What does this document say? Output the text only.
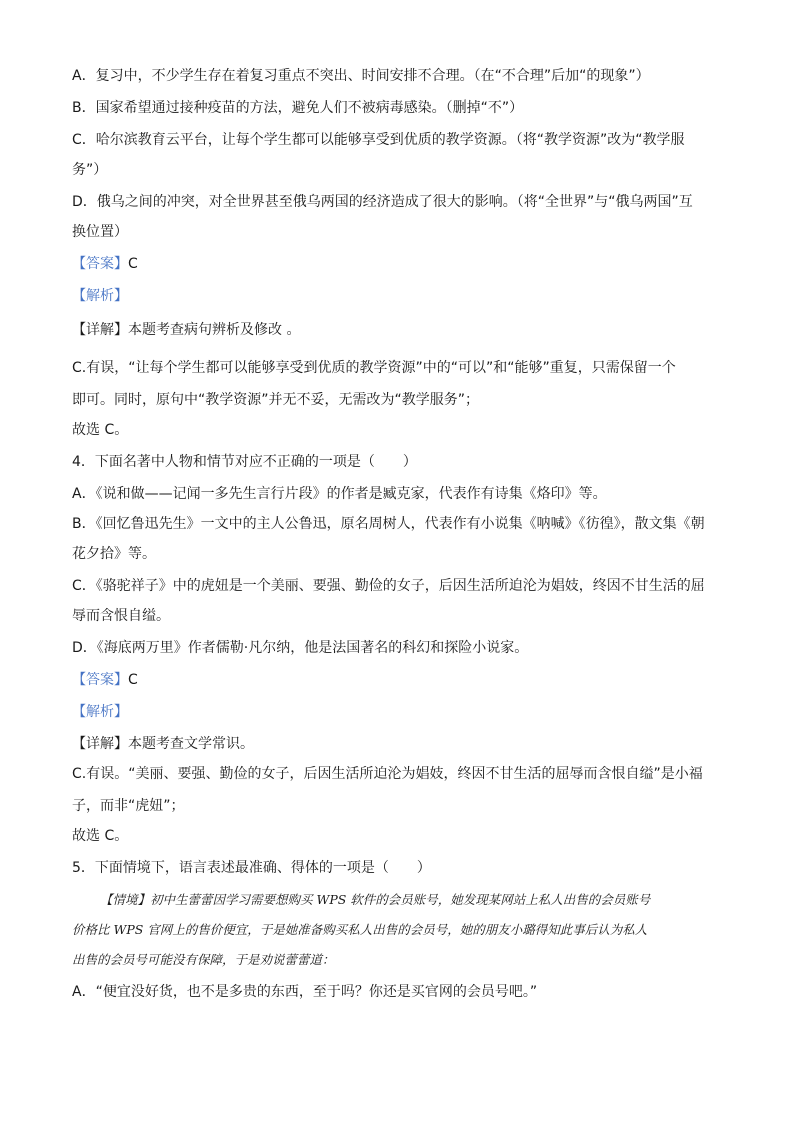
A．复习中，不少学生存在着复习重点不突出、时间安排不合理。（在“不合理”后加“的现象”）
B．国家希望通过接种疫苗的方法，避免人们不被病毒感染。（删掉“不”）
C．哈尔滨教育云平台，让每个学生都可以能够享受到优质的教学资源。（将“教学资源”改为“教学服
务”）
D．俄乌之间的冲突，对全世界甚至俄乌两国的经济造成了很大的影响。（将“全世界”与“俄乌两国”互
换位置）
【答案】C
【解析】
【详解】本题考查病句辨析及修改 。
C.有误，“让每个学生都可以能够享受到优质的教学资源”中的“可以”和“能够”重复，只需保留一个
即可。同时，原句中“教学资源”并无不妥，无需改为“教学服务”；
故选 C。
4．下面名著中人物和情节对应不正确的一项是（　　）
A．《说和做——记闻一多先生言行片段》的作者是臧克家，代表作有诗集《烙印》等。
B．《回忆鲁迅先生》一文中的主人公鲁迅，原名周树人，代表作有小说集《呐喊》《彷徨》，散文集《朝
花夕拾》等。
C．《骆驼祥子》中的虎妞是一个美丽、要强、勤俭的女子，后因生活所迫沦为娼妓，终因不甘生活的屈
辱而含恨自缢。
D．《海底两万里》作者儒勒·凡尔纳，他是法国著名的科幻和探险小说家。
【答案】C
【解析】
【详解】本题考查文学常识。
C.有误。“美丽、要强、勤俭的女子，后因生活所迫沦为娼妓，终因不甘生活的屈辱而含恨自缢”是小福
子，而非“虎妞”；
故选 C。
5．下面情境下，语言表述最准确、得体的一项是（　　）
【情境】初中生蕾蕾因学习需要想购买 WPS 软件的会员账号，她发现某网站上私人出售的会员账号
价格比 WPS 官网上的售价便宜，于是她准备购买私人出售的会员号，她的朋友小璐得知此事后认为私人
出售的会员号可能没有保障，于是劝说蕾蕾道：
A．“便宜没好货，也不是多贵的东西，至于吗？你还是买官网的会员号吧。”
